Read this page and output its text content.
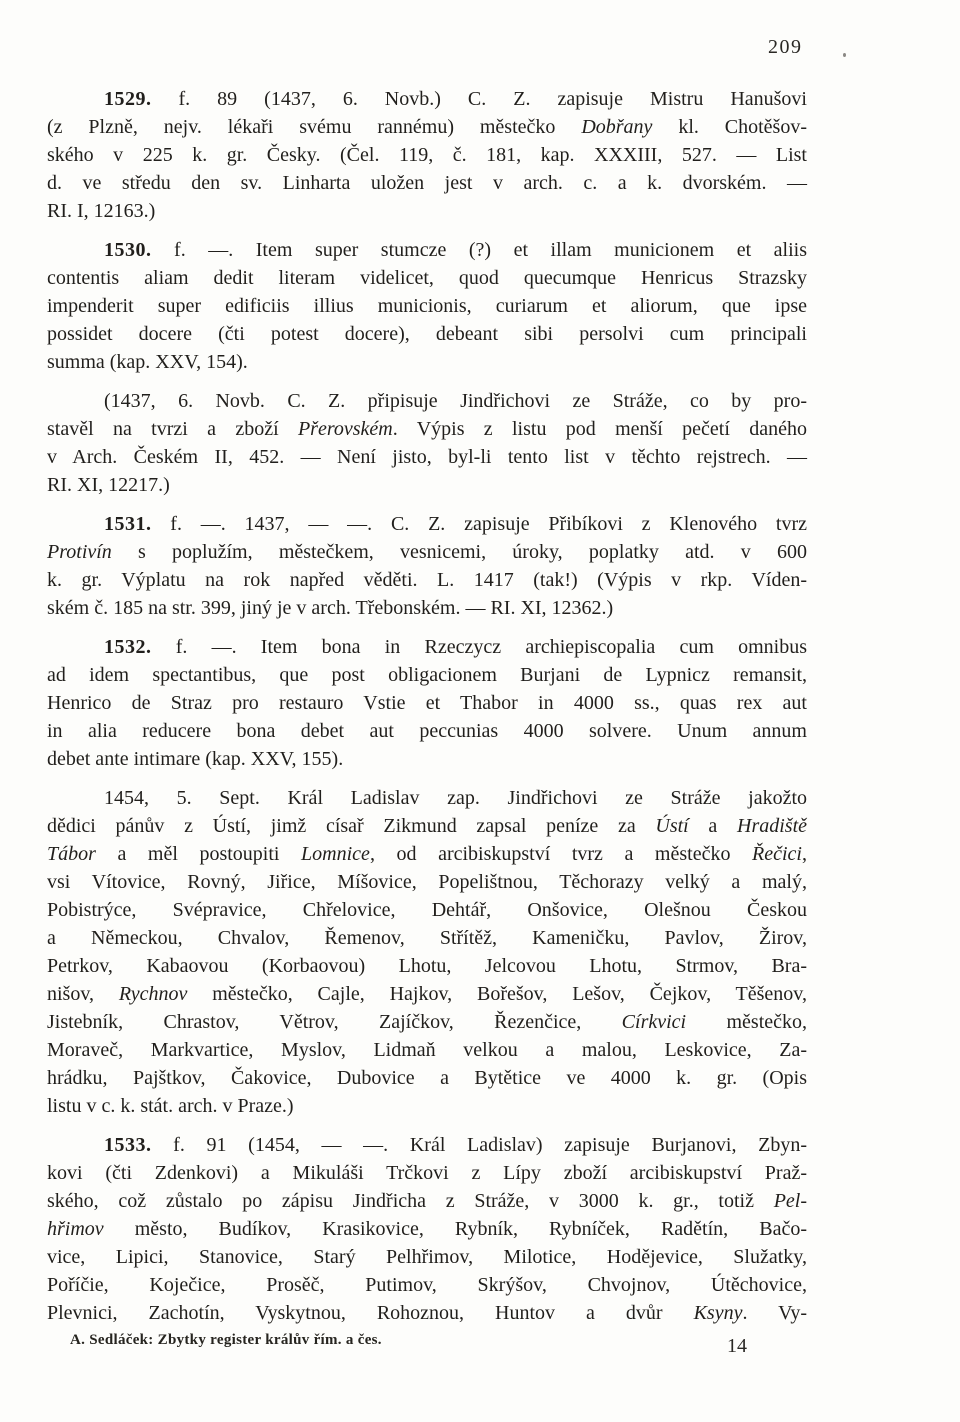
209
1529. f. 89 (1437, 6. Novb.) C. Z. zapisuje Mistru Hanušovi
(z Plzně, nejv. lékaři svému rannému) městečko Dobřany kl. Chotěšov-
ského v 225 k. gr. Česky. (Čel. 119, č. 181, kap. XXXIII, 527. — List
d. ve středu den sv. Linharta uložen jest v arch. c. a k. dvorském. —
RI. I, 12163.)
1530. f. —. Item super stumcze (?) et illam municionem et aliis
contentis aliam dedit literam videlicet, quod quecumque Henricus Strazsky
impenderit super edificiis illius municionis, curiarum et aliorum, que ipse
possidet docere (čti potest docere), debeant sibi persolvi cum principali
summa (kap. XXV, 154).
(1437, 6. Novb. C. Z. připisuje Jindřichovi ze Stráže, co by pro-
stavěl na tvrzi a zboží Přerovském. Výpis z listu pod menší pečetí daného
v Arch. Českém II, 452. — Není jisto, byl-li tento list v těchto rejstrech. —
RI. XI, 12217.)
1531. f. —. 1437, — —. C. Z. zapisuje Přibíkovi z Klenového tvrz
Protivín s poplužím, městečkem, vesnicemi, úroky, poplatky atd. v 600
k. gr. Výplatu na rok napřed věděti. L. 1417 (tak!) (Výpis v rkp. Víden-
ském č. 185 na str. 399, jiný je v arch. Třebonském. — RI. XI, 12362.)
1532. f. —. Item bona in Rzeczycz archiepiscopalia cum omnibus
ad idem spectantibus, que post obligacionem Burjani de Lypnicz remansit,
Henrico de Straz pro restauro Vstie et Thabor in 4000 ss., quas rex aut
in alia reducere bona debet aut peccunias 4000 solvere. Unum annum
debet ante intimare (kap. XXV, 155).
1454, 5. Sept. Král Ladislav zap. Jindřichovi ze Stráže jakožto
dědici pánův z Ústí, jimž císař Zikmund zapsal peníze za Ústí a Hradiště
Tábor a měl postoupiti Lomnice, od arcibiskupství tvrz a městečko Řečici,
vsi Vítovice, Rovný, Jiřice, Míšovice, Popelištnou, Těchorazy velký a malý,
Pobistrýce, Svépravice, Chřelovice, Dehtář, Onšovice, Olešnou Českou
a Německou, Chvalov, Řemenov, Střítěž, Kameničku, Pavlov, Žirov,
Petrkov, Kabaovou (Korbaovou) Lhotu, Jelcovou Lhotu, Strmov, Bra-
nišov, Rychnov městečko, Cajle, Hajkov, Bořešov, Lešov, Čejkov, Těšenov,
Jistebník, Chrastov, Větrov, Zajíčkov, Řezenčice, Církvici městečko,
Moraveč, Markvartice, Myslov, Lidmaň velkou a malou, Leskovice, Za-
hrádku, Pajštkov, Čakovice, Dubovice a Bytětice ve 4000 k. gr. (Opis
listu v c. k. stát. arch. v Praze.)
1533. f. 91 (1454, — —. Král Ladislav) zapisuje Burjanovi, Zbyn-
kovi (čti Zdenkovi) a Mikuláši Trčkovi z Lípy zboží arcibiskupství Praž-
ského, což zůstalo po zápisu Jindřicha z Stráže, v 3000 k. gr., totiž Pel-
hřimov město, Budíkov, Krasikovice, Rybník, Rybníček, Radětín, Bačo-
vice, Lipici, Stanovice, Starý Pelhřimov, Milotice, Hodějevice, Služatky,
Poříčie, Koječice, Prosěč, Putimov, Skrýšov, Chvojnov, Útěchovice,
Plevnici, Zachotín, Vyskytnou, Rohoznou, Huntov a dvůr Ksyny. Vy-
A. Sedláček: Zbytky register králův řím. a čes.	14
